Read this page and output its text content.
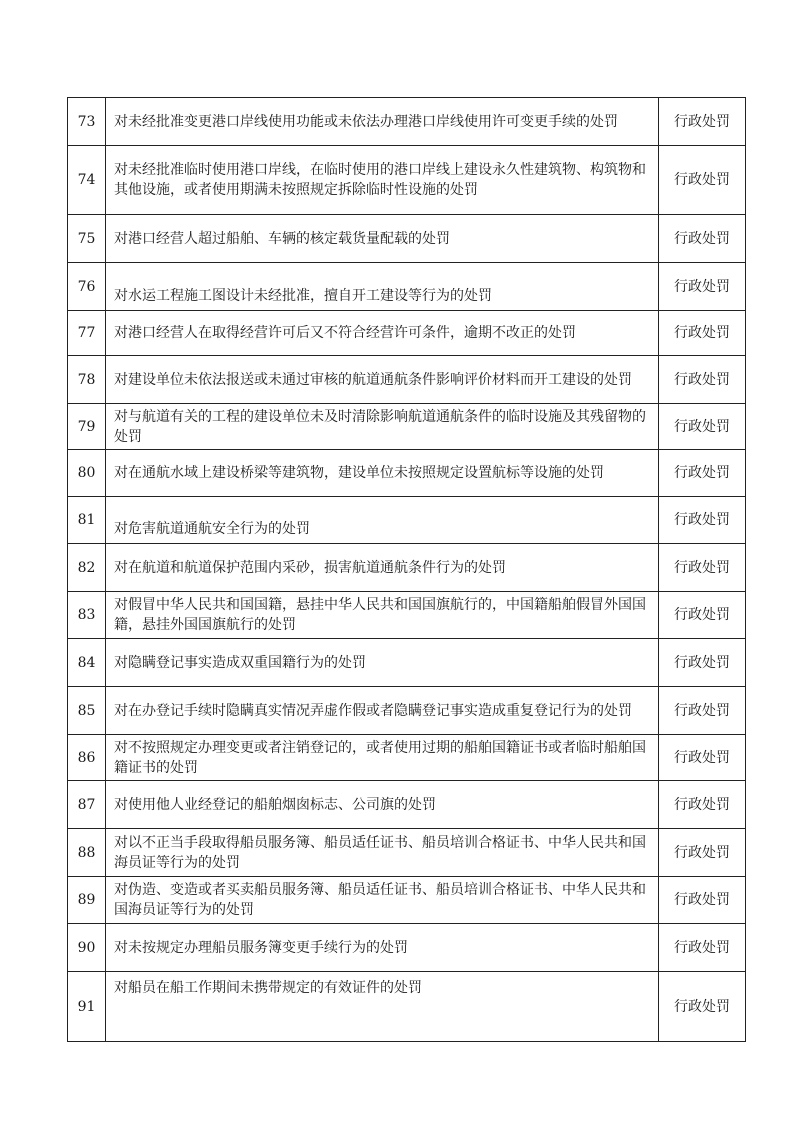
73	对未经批准变更港口岸线使用功能或未依法办理港口岸线使用许可变更手续的处罚	行政处罚
74	对未经批准临时使用港口岸线，在临时使用的港口岸线上建设永久性建筑物、构筑物和其他设施，或者使用期满未按照规定拆除临时性设施的处罚	行政处罚
75	对港口经营人超过船舶、车辆的核定载货量配载的处罚	行政处罚
76	对水运工程施工图设计未经批准，擅自开工建设等行为的处罚	行政处罚
77	对港口经营人在取得经营许可后又不符合经营许可条件，逾期不改正的处罚	行政处罚
78	对建设单位未依法报送或未通过审核的航道通航条件影响评价材料而开工建设的处罚	行政处罚
79	对与航道有关的工程的建设单位未及时清除影响航道通航条件的临时设施及其残留物的处罚	行政处罚
80	对在通航水域上建设桥梁等建筑物，建设单位未按照规定设置航标等设施的处罚	行政处罚
81	对危害航道通航安全行为的处罚	行政处罚
82	对在航道和航道保护范围内采砂，损害航道通航条件行为的处罚	行政处罚
83	对假冒中华人民共和国国籍，悬挂中华人民共和国国旗航行的，中国籍船舶假冒外国国籍，悬挂外国国旗航行的处罚	行政处罚
84	对隐瞒登记事实造成双重国籍行为的处罚	行政处罚
85	对在办登记手续时隐瞒真实情况弄虚作假或者隐瞒登记事实造成重复登记行为的处罚	行政处罚
86	对不按照规定办理变更或者注销登记的，或者使用过期的船舶国籍证书或者临时船舶国籍证书的处罚	行政处罚
87	对使用他人业经登记的船舶烟囱标志、公司旗的处罚	行政处罚
88	对以不正当手段取得船员服务簿、船员适任证书、船员培训合格证书、中华人民共和国海员证等行为的处罚	行政处罚
89	对伪造、变造或者买卖船员服务簿、船员适任证书、船员培训合格证书、中华人民共和国海员证等行为的处罚	行政处罚
90	对未按规定办理船员服务簿变更手续行为的处罚	行政处罚
91	对船员在船工作期间未携带规定的有效证件的处罚	行政处罚
